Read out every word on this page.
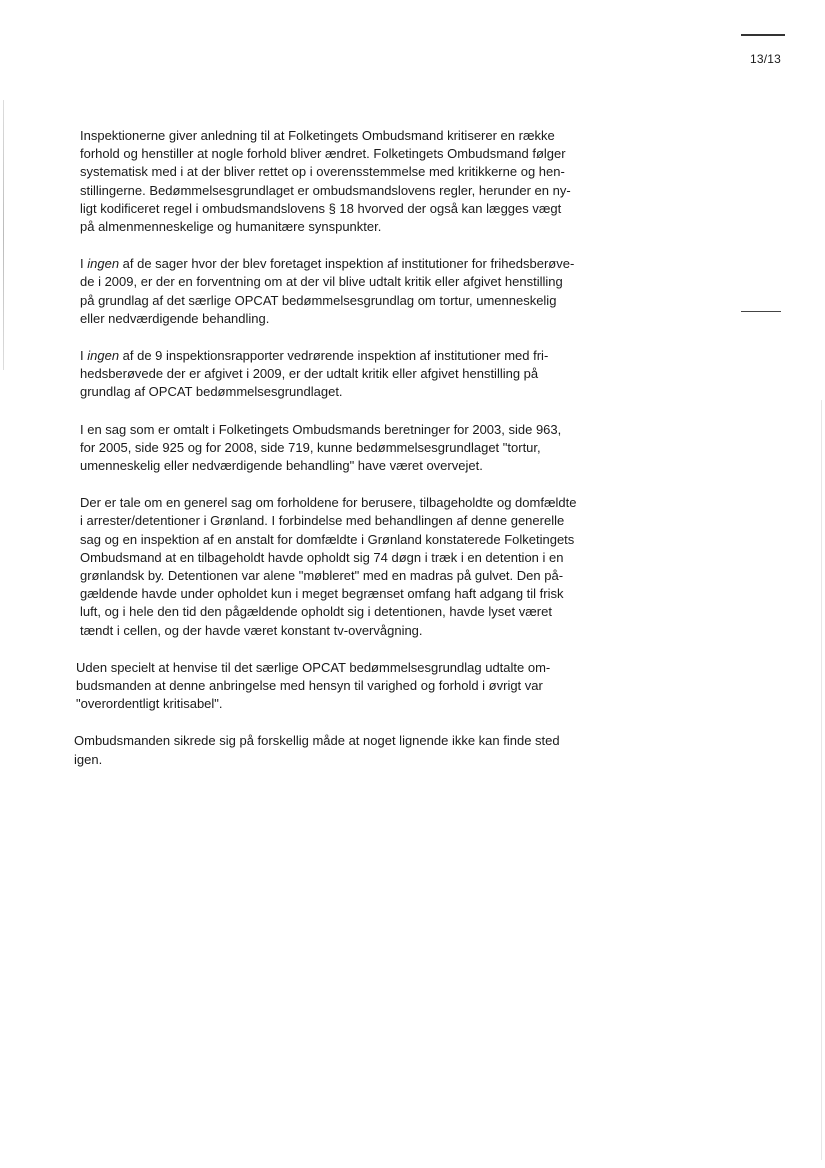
13/13

Inspektionerne giver anledning til at Folketingets Ombudsmand kritiserer en række
forhold og henstiller at nogle forhold bliver ændret. Folketingets Ombudsmand følger
systematisk med i at der bliver rettet op i overensstemmelse med kritikkerne og hen-
stillingerne. Bedømmelsesgrundlaget er ombudsmandslovens regler, herunder en ny-
ligt kodificeret regel i ombudsmandslovens § 18 hvorved der også kan lægges vægt
på almenmenneskelige og humanitære synspunkter.

I ingen af de sager hvor der blev foretaget inspektion af institutioner for frihedsberøve-
de i 2009, er der en forventning om at der vil blive udtalt kritik eller afgivet henstilling
på grundlag af det særlige OPCAT bedømmelsesgrundlag om tortur, umenneskelig
eller nedværdigende behandling.

I ingen af de 9 inspektionsrapporter vedrørende inspektion af institutioner med fri-
hedsberøvede der er afgivet i 2009, er der udtalt kritik eller afgivet henstilling på
grundlag af OPCAT bedømmelsesgrundlaget.

I en sag som er omtalt i Folketingets Ombudsmands beretninger for 2003, side 963,
for 2005, side 925 og for 2008, side 719, kunne bedømmelsesgrundlaget "tortur,
umenneskelig eller nedværdigende behandling" have været overvejet.

Der er tale om en generel sag om forholdene for berusere, tilbageholdte og domfældte
i arrester/detentioner i Grønland. I forbindelse med behandlingen af denne generelle
sag og en inspektion af en anstalt for domfældte i Grønland konstaterede Folketingets
Ombudsmand at en tilbageholdt havde opholdt sig 74 døgn i træk i en detention i en
grønlandsk by. Detentionen var alene "møbleret" med en madras på gulvet. Den på-
gældende havde under opholdet kun i meget begrænset omfang haft adgang til frisk
luft, og i hele den tid den pågældende opholdt sig i detentionen, havde lyset været
tændt i cellen, og der havde været konstant tv-overvågning.

Uden specielt at henvise til det særlige OPCAT bedømmelsesgrundlag udtalte om-
budsmanden at denne anbringelse med hensyn til varighed og forhold i øvrigt var
"overordentligt kritisabel".

Ombudsmanden sikrede sig på forskellig måde at noget lignende ikke kan finde sted
igen.
